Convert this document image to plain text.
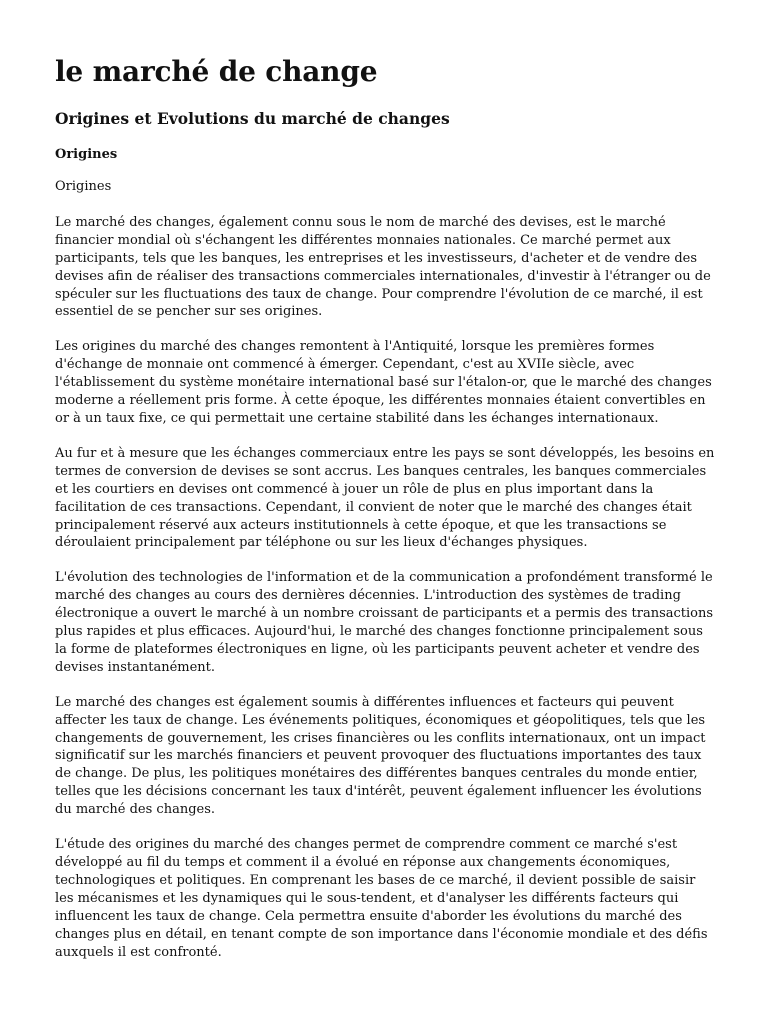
le marché de change
Origines et Evolutions du marché de changes
Origines

Origines

Le marché des changes, également connu sous le nom de marché des devises, est le marché financier mondial où s'échangent les différentes monnaies nationales. Ce marché permet aux participants, tels que les banques, les entreprises et les investisseurs, d'acheter et de vendre des devises afin de réaliser des transactions commerciales internationales, d'investir à l'étranger ou de spéculer sur les fluctuations des taux de change. Pour comprendre l'évolution de ce marché, il est essentiel de se pencher sur ses origines.

Les origines du marché des changes remontent à l'Antiquité, lorsque les premières formes d'échange de monnaie ont commencé à émerger. Cependant, c'est au XVIIe siècle, avec l'établissement du système monétaire international basé sur l'étalon-or, que le marché des changes moderne a réellement pris forme. À cette époque, les différentes monnaies étaient convertibles en or à un taux fixe, ce qui permettait une certaine stabilité dans les échanges internationaux.

Au fur et à mesure que les échanges commerciaux entre les pays se sont développés, les besoins en termes de conversion de devises se sont accrus. Les banques centrales, les banques commerciales et les courtiers en devises ont commencé à jouer un rôle de plus en plus important dans la facilitation de ces transactions. Cependant, il convient de noter que le marché des changes était principalement réservé aux acteurs institutionnels à cette époque, et que les transactions se déroulaient principalement par téléphone ou sur les lieux d'échanges physiques.

L'évolution des technologies de l'information et de la communication a profondément transformé le marché des changes au cours des dernières décennies. L'introduction des systèmes de trading électronique a ouvert le marché à un nombre croissant de participants et a permis des transactions plus rapides et plus efficaces. Aujourd'hui, le marché des changes fonctionne principalement sous la forme de plateformes électroniques en ligne, où les participants peuvent acheter et vendre des devises instantanément.

Le marché des changes est également soumis à différentes influences et facteurs qui peuvent affecter les taux de change. Les événements politiques, économiques et géopolitiques, tels que les changements de gouvernement, les crises financières ou les conflits internationaux, ont un impact significatif sur les marchés financiers et peuvent provoquer des fluctuations importantes des taux de change. De plus, les politiques monétaires des différentes banques centrales du monde entier, telles que les décisions concernant les taux d'intérêt, peuvent également influencer les évolutions du marché des changes.

L'étude des origines du marché des changes permet de comprendre comment ce marché s'est développé au fil du temps et comment il a évolué en réponse aux changements économiques, technologiques et politiques. En comprenant les bases de ce marché, il devient possible de saisir les mécanismes et les dynamiques qui le sous-tendent, et d'analyser les différents facteurs qui influencent les taux de change. Cela permettra ensuite d'aborder les évolutions du marché des changes plus en détail, en tenant compte de son importance dans l'économie mondiale et des défis auxquels il est confronté.
